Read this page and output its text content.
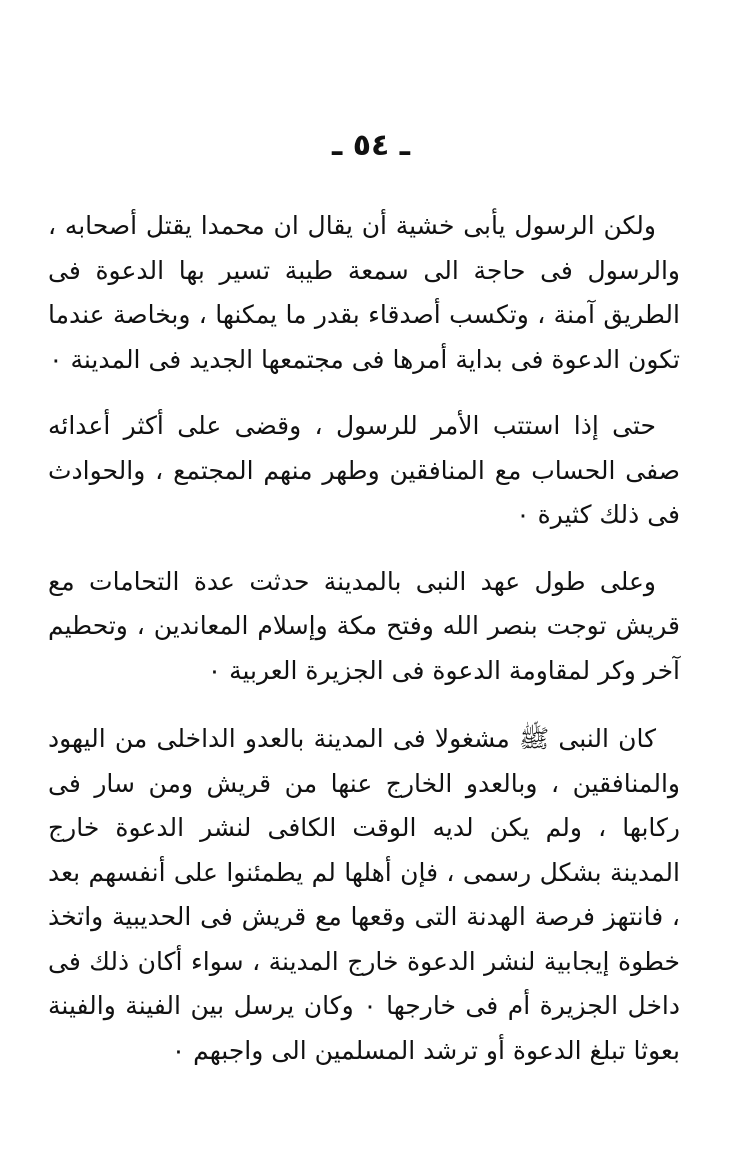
ـ ٥٤ ـ

ولكن الرسول يأبى خشية أن يقال ان محمدا يقتل أصحابه ، والرسول فى حاجة الى سمعة طيبة تسير بها الدعوة فى الطريق آمنة ، وتكسب أصدقاء بقدر ما يمكنها ، وبخاصة عندما تكون الدعوة فى بداية أمرها فى مجتمعها الجديد فى المدينة ٠

حتى إذا استتب الأمر للرسول ، وقضى على أكثر أعدائه صفى الحساب مع المنافقين وطهر منهم المجتمع ، والحوادث فى ذلك كثيرة ٠

وعلى طول عهد النبى بالمدينة حدثت عدة التحامات مع قريش توجت بنصر الله وفتح مكة وإسلام المعاندين ، وتحطيم آخر وكر لمقاومة الدعوة فى الجزيرة العربية ٠

كان النبى ﷺ مشغولا فى المدينة بالعدو الداخلى من اليهود والمنافقين ، وبالعدو الخارج عنها من قريش ومن سار فى ركابها ، ولم يكن لديه الوقت الكافى لنشر الدعوة خارج المدينة بشكل رسمى ، فإن أهلها لم يطمئنوا على أنفسهم بعد ، فانتهز فرصة الهدنة التى وقعها مع قريش فى الحديبية واتخذ خطوة إيجابية لنشر الدعوة خارج المدينة ، سواء أكان ذلك فى داخل الجزيرة أم فى خارجها ٠ وكان يرسل بين الفينة والفينة بعوثا تبلغ الدعوة أو ترشد المسلمين الى واجبهم ٠
